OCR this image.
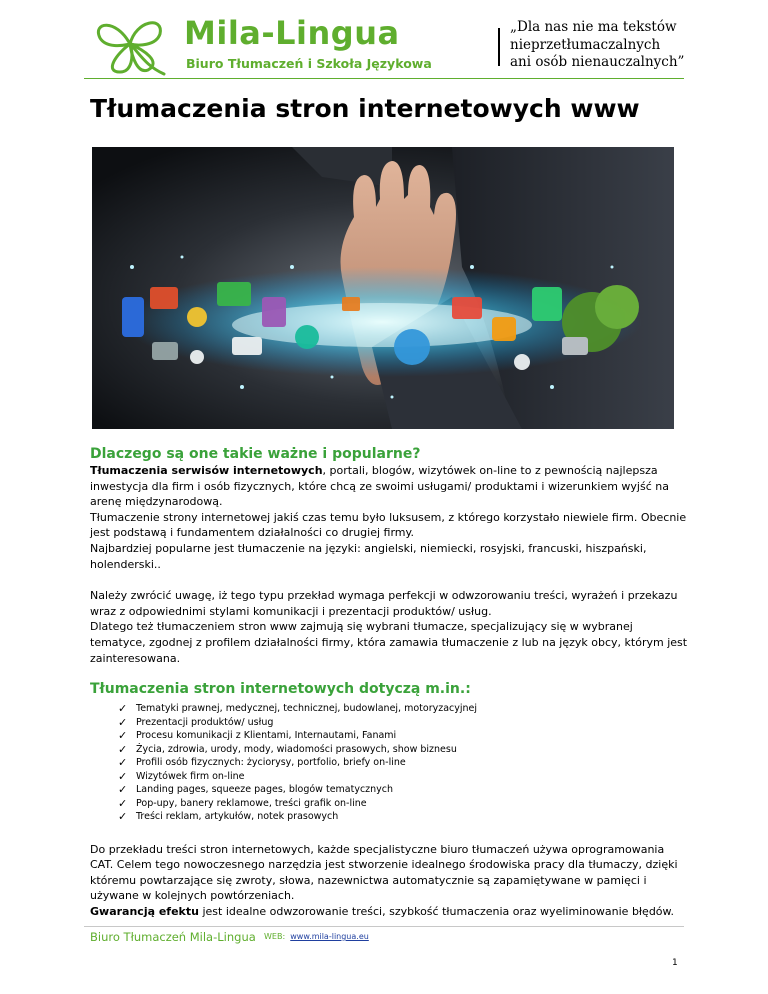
Mila-Lingua
Biuro Tłumaczeń i Szkoła Językowa
„Dla nas nie ma tekstów
nieprzetłumaczalnych
ani osób nienauczalnych”
Tłumaczenia stron internetowych www

Dlaczego są one takie ważne i popularne?

Tłumaczenia serwisów internetowych, portali, blogów, wizytówek on-line to z pewnością najlepsza inwestycja dla firm i osób fizycznych, które chcą ze swoimi usługami/ produktami i wizerunkiem wyjść na arenę międzynarodową.

Tłumaczenie strony internetowej jakiś czas temu było luksusem, z którego korzystało niewiele firm. Obecnie jest podstawą i fundamentem działalności co drugiej firmy.

Najbardziej popularne jest tłumaczenie na języki: angielski, niemiecki, rosyjski, francuski, hiszpański, holenderski..

Należy zwrócić uwagę, iż tego typu przekład wymaga perfekcji w odwzorowaniu treści, wyrażeń i przekazu wraz z odpowiednimi stylami komunikacji i prezentacji produktów/ usług.

Dlatego też tłumaczeniem stron www zajmują się wybrani tłumacze, specjalizujący się w wybranej tematyce, zgodnej z profilem działalności firmy, która zamawia tłumaczenie z lub na język obcy, którym jest zainteresowana.

Tłumaczenia stron internetowych dotyczą m.in.:

✓ Tematyki prawnej, medycznej, technicznej, budowlanej, motoryzacyjnej
✓ Prezentacji produktów/ usług
✓ Procesu komunikacji z Klientami, Internautami, Fanami
✓ Życia, zdrowia, urody, mody, wiadomości prasowych, show biznesu
✓ Profili osób fizycznych: życiorysy, portfolio, briefy on-line
✓ Wizytówek firm on-line
✓ Landing pages, squeeze pages, blogów tematycznych
✓ Pop-upy, banery reklamowe, treści grafik on-line
✓ Treści reklam, artykułów, notek prasowych

Do przekładu treści stron internetowych, każde specjalistyczne biuro tłumaczeń używa oprogramowania CAT. Celem tego nowoczesnego narzędzia jest stworzenie idealnego środowiska pracy dla tłumaczy, dzięki któremu powtarzające się zwroty, słowa, nazewnictwa automatycznie są zapamiętywane w pamięci i używane w kolejnych powtórzeniach.

Gwarancją efektu jest idealne odwzorowanie treści, szybkość tłumaczenia oraz wyeliminowanie błędów.

Biuro Tłumaczeń Mila-Lingua WEB: www.mila-lingua.eu
1
